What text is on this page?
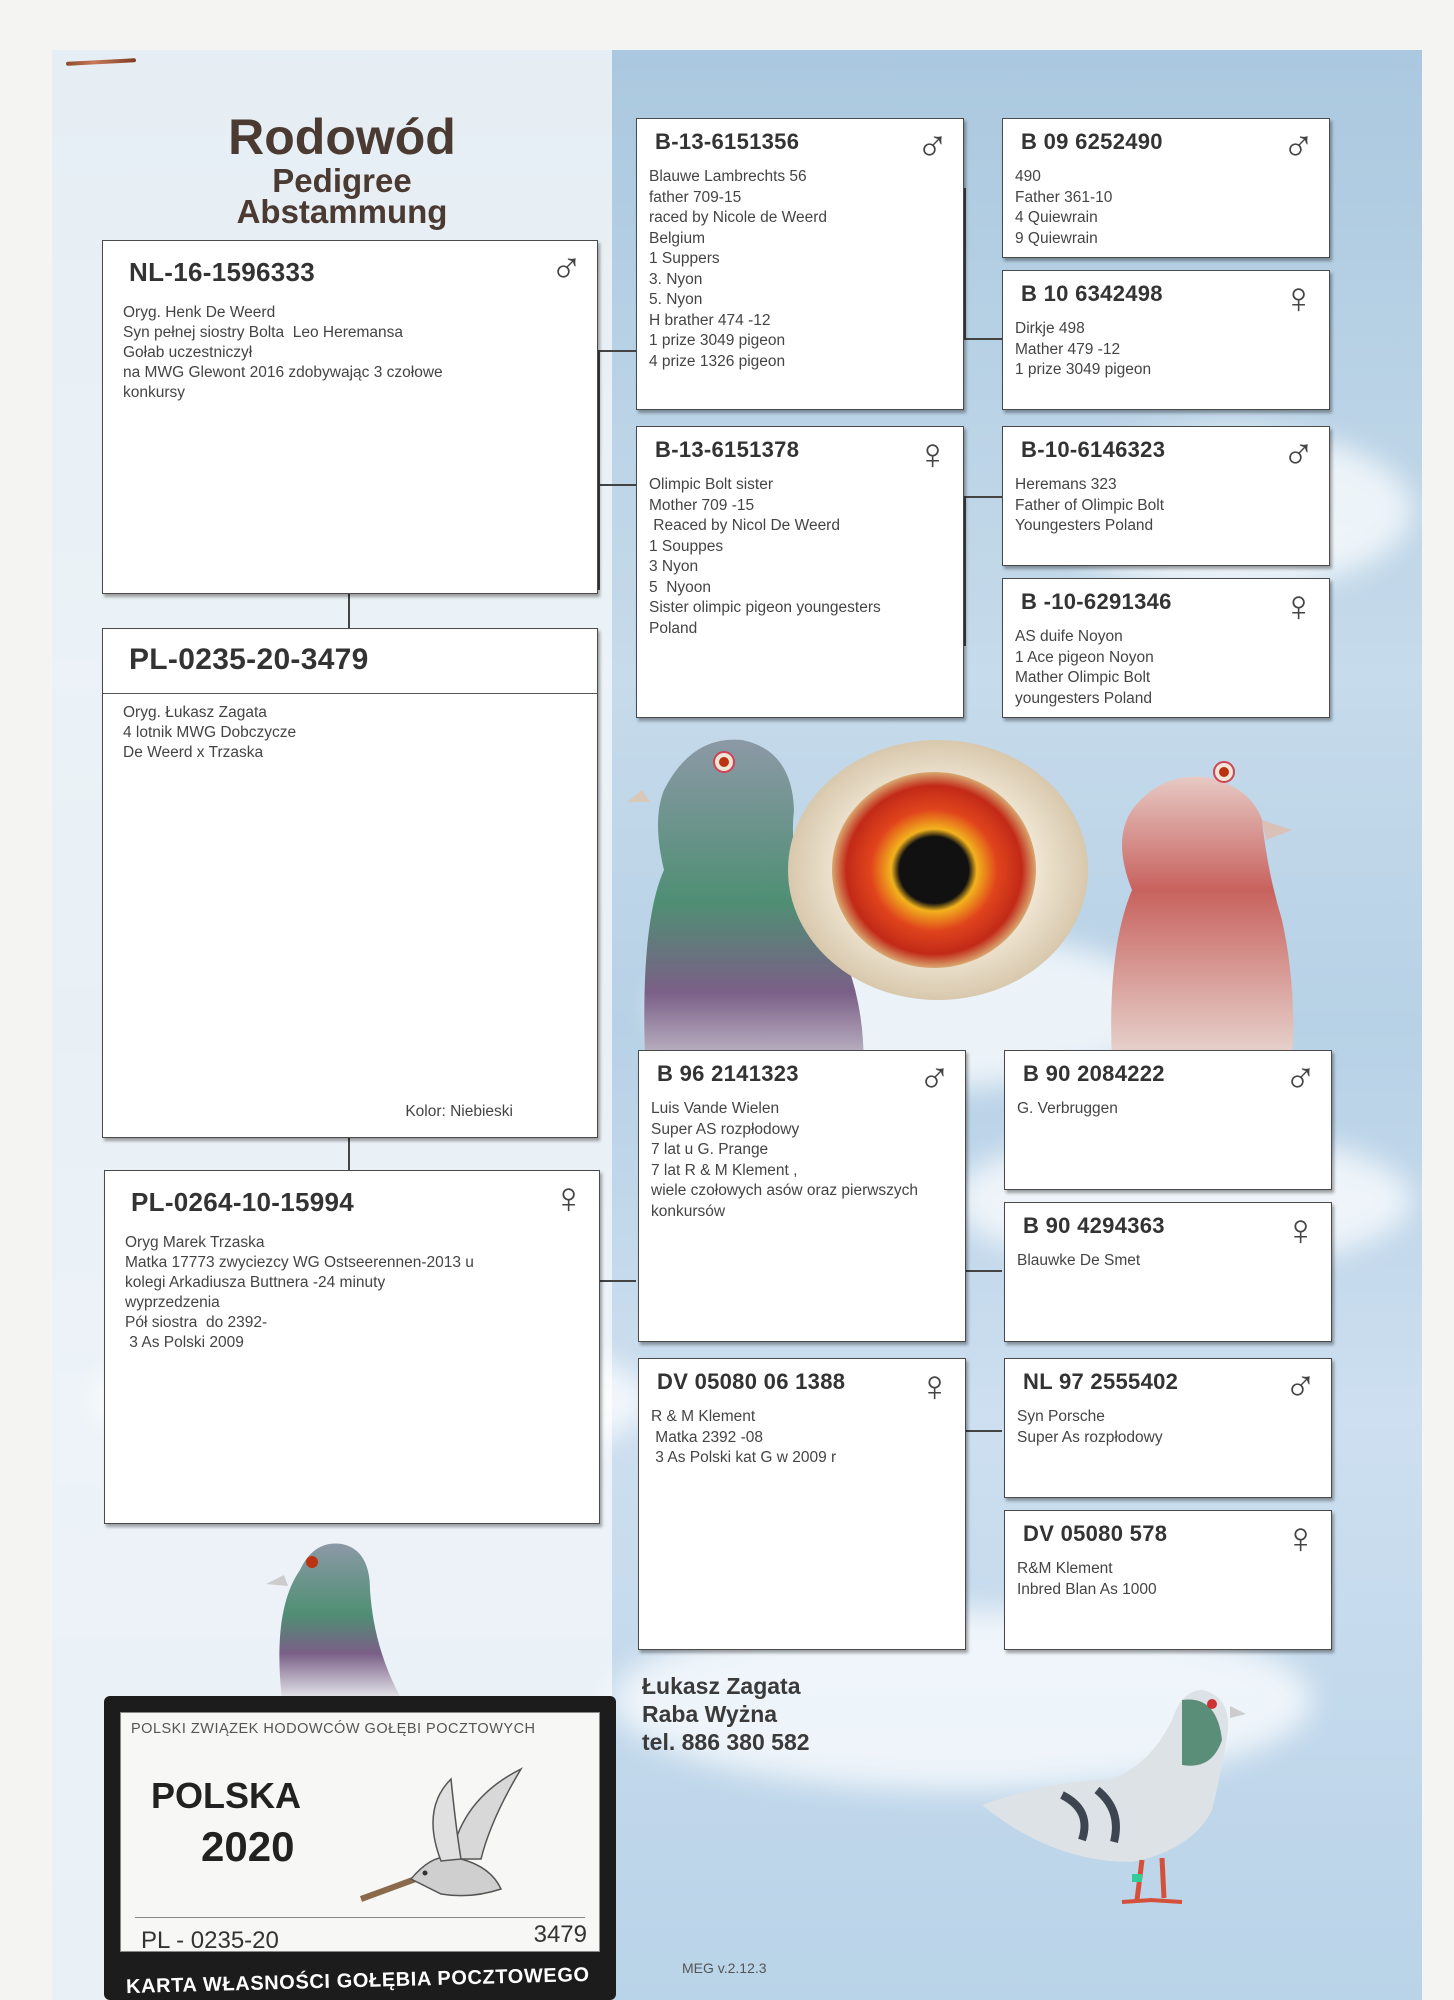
Rodowód
Pedigree
Abstammung
NL-16-1596333	♂
Oryg. Henk De Weerd
Syn pełnej siostry Bolta  Leo Heremansa
Gołab uczestniczył
na MWG Glewont 2016 zdobywając 3 czołowe
konkursy
PL-0235-20-3479
Oryg. Łukasz Zagata
4 lotnik MWG Dobczycze
De Weerd x Trzaska
Kolor: Niebieski
PL-0264-10-15994	♀
Oryg Marek Trzaska
Matka 17773 zwyciezcy WG Ostseerennen-2013 u
kolegi Arkadiusza Buttnera -24 minuty
wyprzedzenia
Pół siostra  do 2392-
3 As Polski 2009
B-13-6151356	♂
Blauwe Lambrechts 56
father 709-15
raced by Nicole de Weerd
Belgium
1 Suppers
3. Nyon
5. Nyon
H brather 474 -12
1 prize 3049 pigeon
4 prize 1326 pigeon
B-13-6151378	♀
Olimpic Bolt sister
Mother 709 -15
Reaced by Nicol De Weerd
1 Souppes
3 Nyon
5  Nyoon
Sister olimpic pigeon youngesters
Poland
B 96 2141323	♂
Luis Vande Wielen
Super AS rozpłodowy
7 lat u G. Prange
7 lat R & M Klement ,
wiele czołowych asów oraz pierwszych
konkursów
DV 05080 06 1388 ♀
R & M Klement
Matka 2392 -08
3 As Polski kat G w 2009 r
B 09 6252490	♂
490
Father 361-10
4 Quiewrain
9 Quiewrain
B 10 6342498	♀
Dirkje 498
Mather 479 -12
1 prize 3049 pigeon
B-10-6146323	♂
Heremans 323
Father of Olimpic Bolt
Youngesters Poland
B -10-6291346	♀
AS duife Noyon
1 Ace pigeon Noyon
Mather Olimpic Bolt
youngesters Poland
B 90 2084222	♂
G. Verbruggen
B 90 4294363	♀
Blauwke De Smet
NL 97 2555402 ♂
Syn Porsche
Super As rozpłodowy
DV 05080 578	♀
R&M Klement
Inbred Blan As 1000
Łukasz Zagata
Raba Wyżna
tel. 886 380 582
MEG v.2.12.3
POLSKI ZWIĄZEK HODOWCÓW GOŁĘBI POCZTOWYCH
POLSKA
2020
PL - 0235-20	3479
KARTA WŁASNOŚCI GOŁĘBIA POCZTOWEGO
